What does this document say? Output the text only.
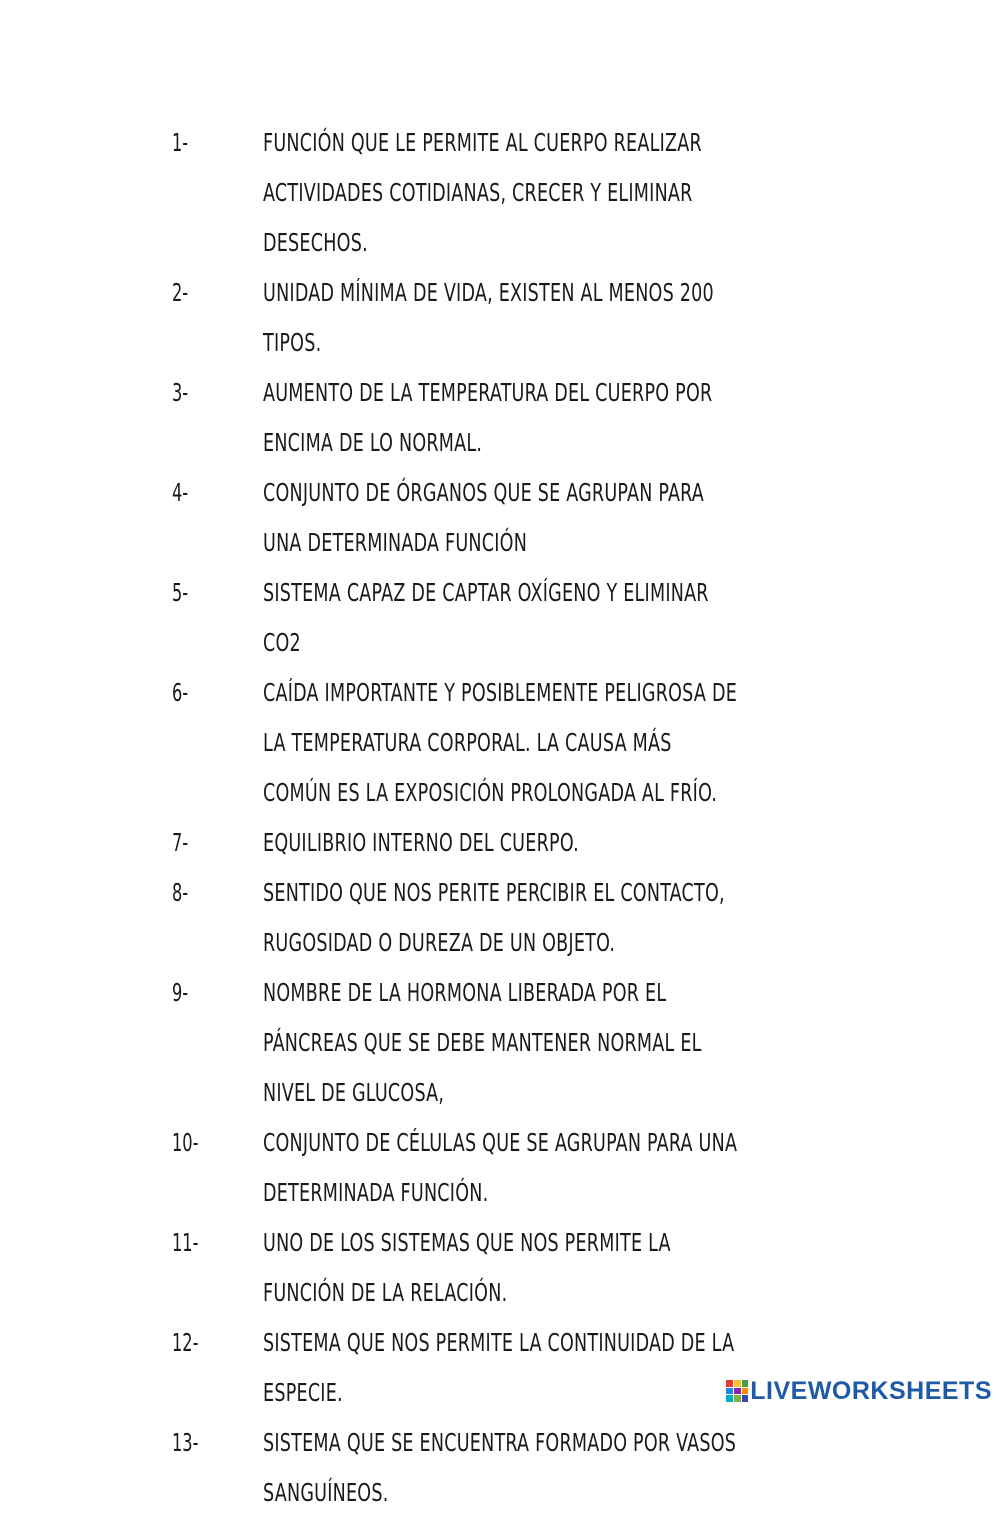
1-	FUNCIÓN QUE LE PERMITE AL CUERPO REALIZAR ACTIVIDADES COTIDIANAS, CRECER Y ELIMINAR DESECHOS.
2-	UNIDAD MÍNIMA DE VIDA, EXISTEN AL MENOS 200 TIPOS.
3-	AUMENTO DE LA TEMPERATURA DEL CUERPO POR ENCIMA DE LO NORMAL.
4-	CONJUNTO DE ÓRGANOS QUE SE AGRUPAN PARA UNA DETERMINADA FUNCIÓN
5-	SISTEMA CAPAZ DE CAPTAR OXÍGENO Y ELIMINAR CO2
6-	CAÍDA IMPORTANTE Y POSIBLEMENTE PELIGROSA DE LA TEMPERATURA CORPORAL. LA CAUSA MÁS COMÚN ES LA EXPOSICIÓN PROLONGADA AL FRÍO.
7-	EQUILIBRIO INTERNO DEL CUERPO.
8-	SENTIDO QUE NOS PERITE PERCIBIR EL CONTACTO, RUGOSIDAD O DUREZA DE UN OBJETO.
9-	NOMBRE DE LA HORMONA LIBERADA POR EL PÁNCREAS QUE SE DEBE MANTENER NORMAL EL NIVEL DE GLUCOSA,
10-	CONJUNTO DE CÉLULAS QUE SE AGRUPAN PARA UNA DETERMINADA FUNCIÓN.
11-	UNO DE LOS SISTEMAS QUE NOS PERMITE LA FUNCIÓN DE LA RELACIÓN.
12-	SISTEMA QUE NOS PERMITE LA CONTINUIDAD DE LA ESPECIE.
13-	SISTEMA QUE SE ENCUENTRA FORMADO POR VASOS SANGUÍNEOS.
LIVEWORKSHEETS
